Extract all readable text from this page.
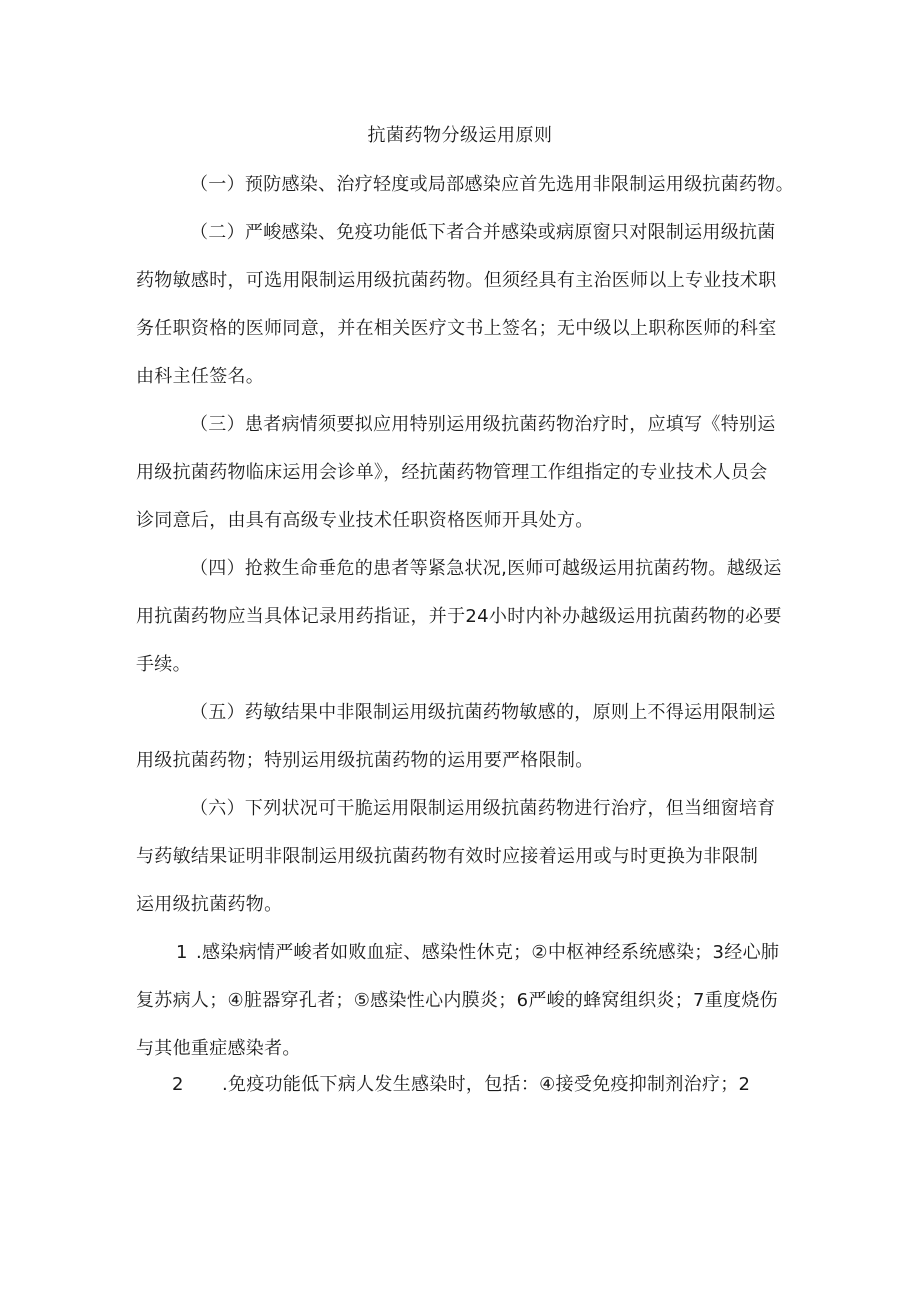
抗菌药物分级运用原则
（一）预防感染、治疗轻度或局部感染应首先选用非限制运用级抗菌药物。
（二）严峻感染、免疫功能低下者合并感染或病原窗只对限制运用级抗菌
药物敏感时，可选用限制运用级抗菌药物。但须经具有主治医师以上专业技术职
务任职资格的医师同意，并在相关医疗文书上签名；无中级以上职称医师的科室
由科主任签名。
（三）患者病情须要拟应用特别运用级抗菌药物治疗时，应填写《特别运
用级抗菌药物临床运用会诊单》，经抗菌药物管理工作组指定的专业技术人员会
诊同意后，由具有高级专业技术任职资格医师开具处方。
（四）抢救生命垂危的患者等紧急状况,医师可越级运用抗菌药物。越级运
用抗菌药物应当具体记录用药指证，并于24小时内补办越级运用抗菌药物的必要
手续。
（五）药敏结果中非限制运用级抗菌药物敏感的，原则上不得运用限制运
用级抗菌药物；特别运用级抗菌药物的运用要严格限制。
（六）下列状况可干脆运用限制运用级抗菌药物进行治疗，但当细窗培育
与药敏结果证明非限制运用级抗菌药物有效时应接着运用或与时更换为非限制
运用级抗菌药物。
1 .感染病情严峻者如败血症、感染性休克；②中枢神经系统感染；3经心肺
复苏病人；④脏器穿孔者；⑤感染性心内膜炎；6严峻的蜂窝组织炎；7重度烧伤
与其他重症感染者。
2 .免疫功能低下病人发生感染时，包括：④接受免疫抑制剂治疗；2
